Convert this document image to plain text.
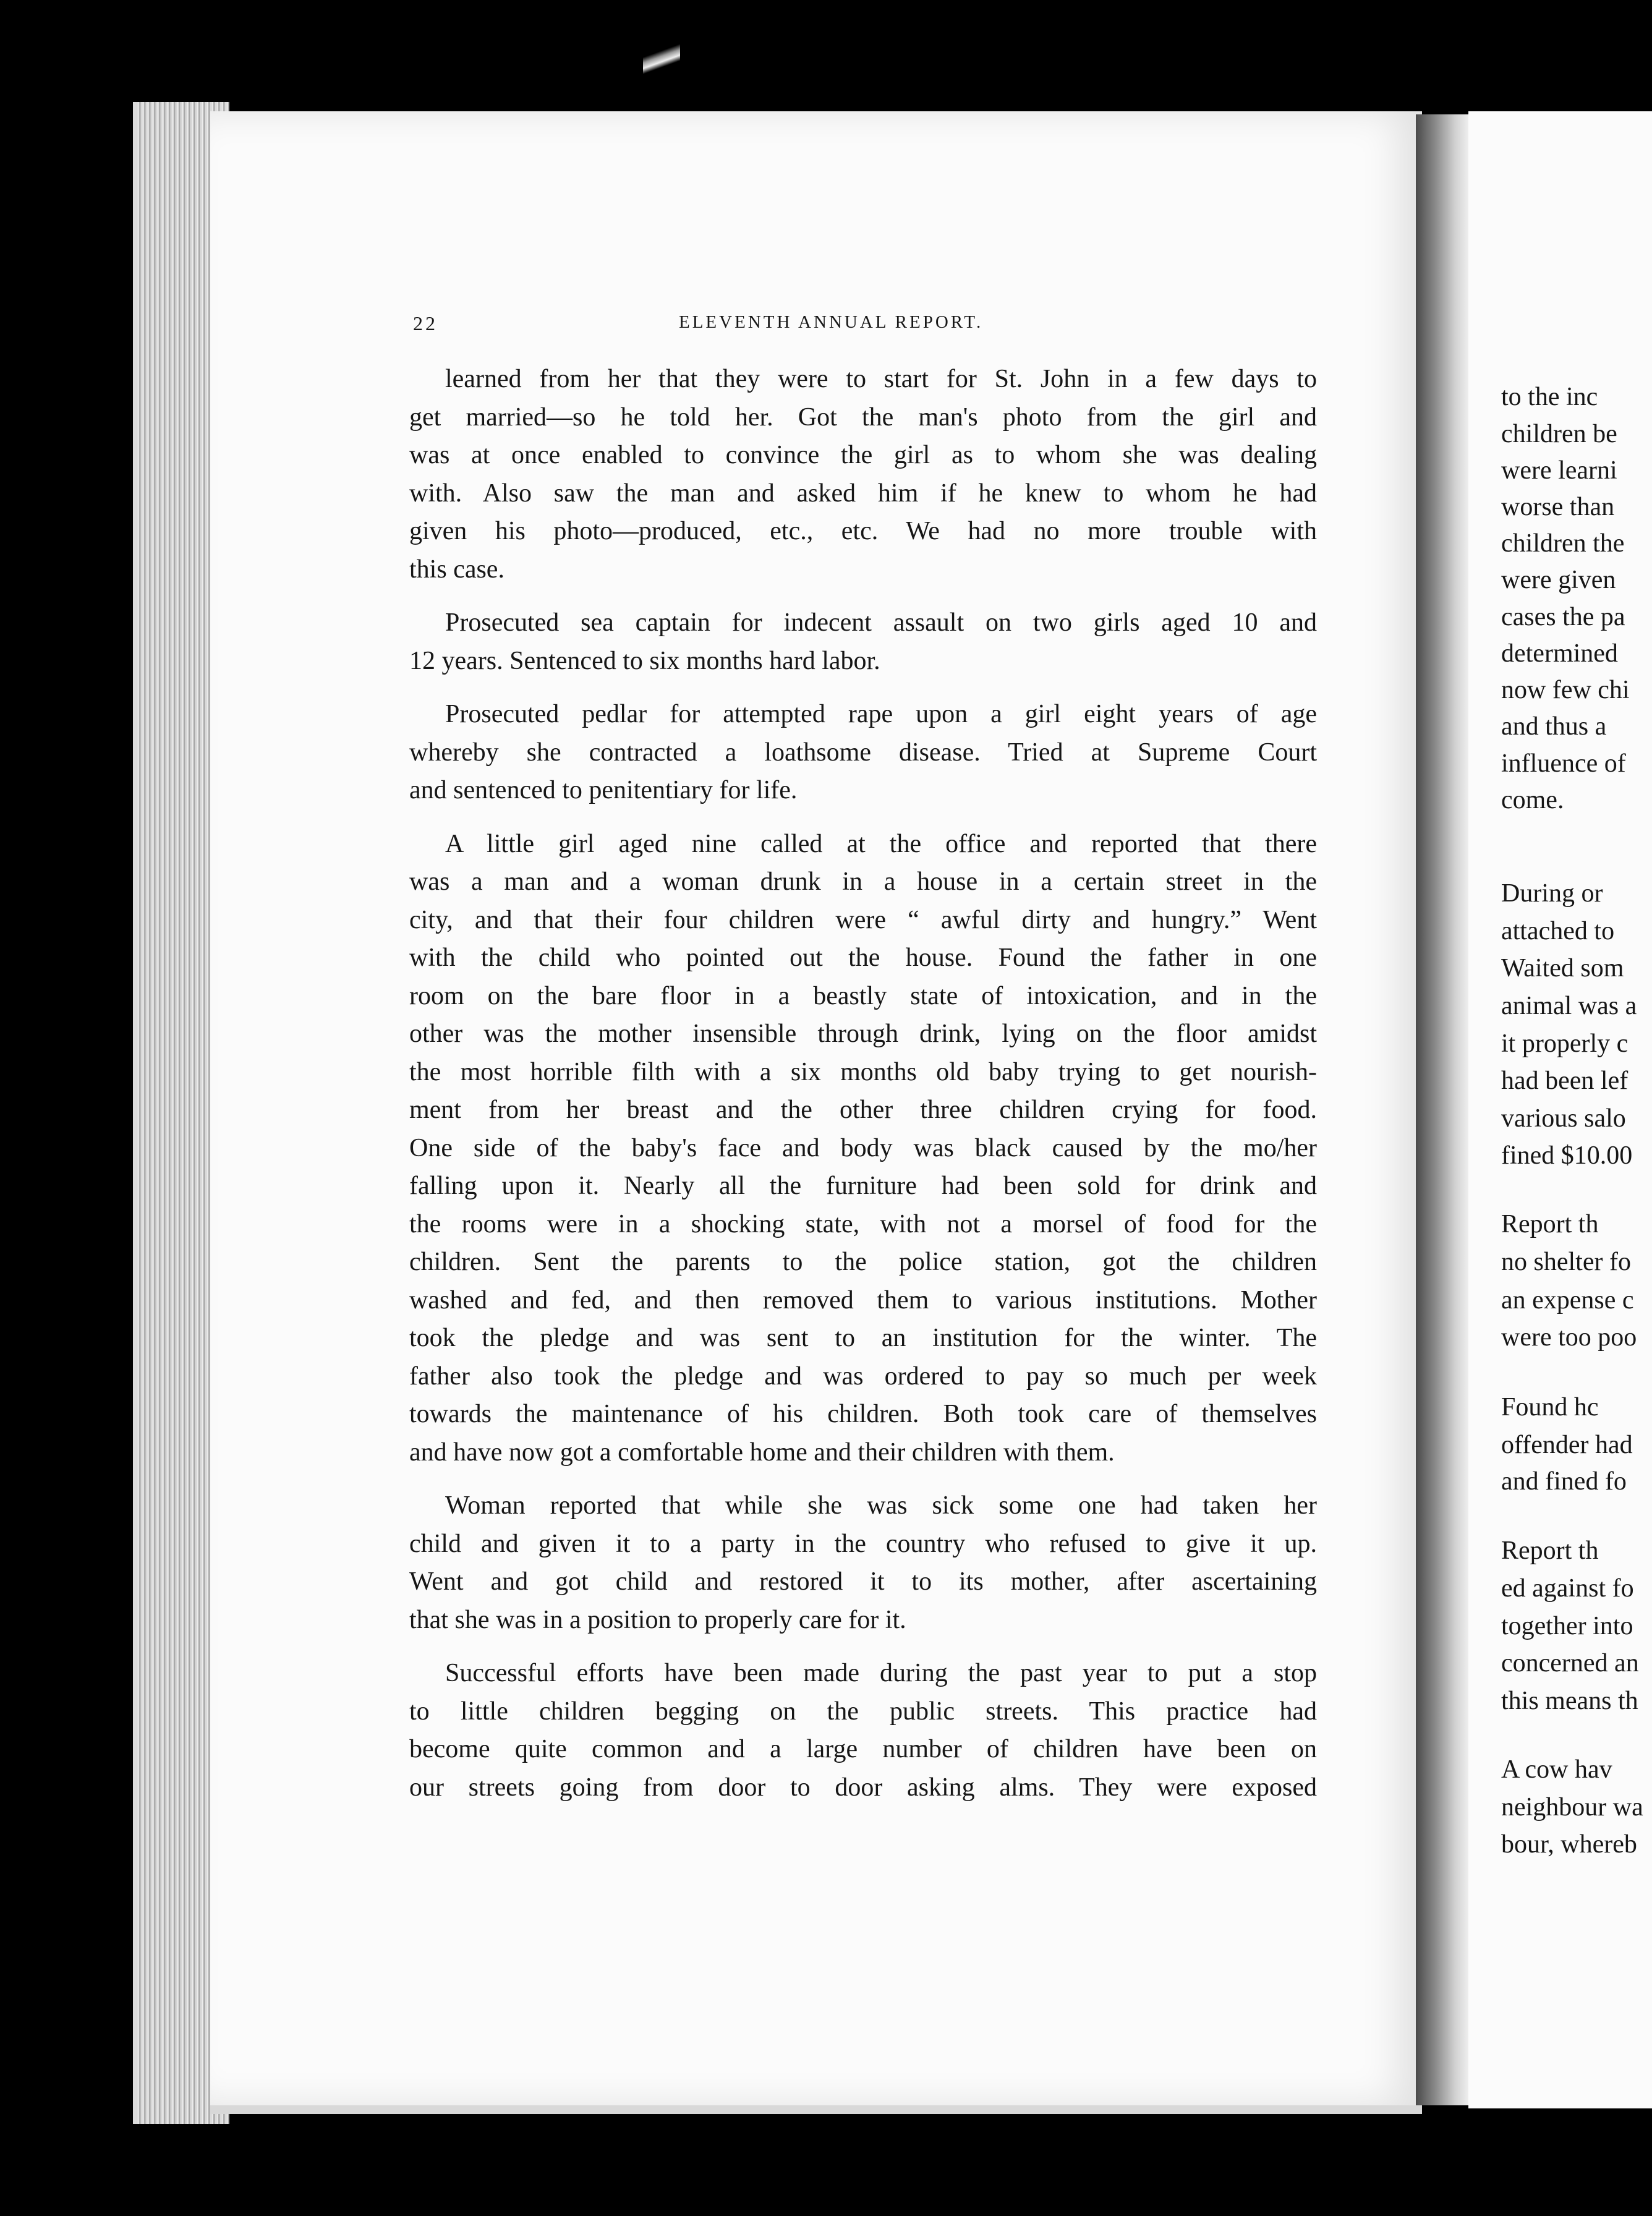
22	ELEVENTH ANNUAL REPORT.
learned from her that they were to start for St. John in a few days to
get married—so he told her. Got the man's photo from the girl and
was at once enabled to convince the girl as to whom she was dealing
with. Also saw the man and asked him if he knew to whom he had
given his photo—produced, etc., etc. We had no more trouble with
this case.
Prosecuted sea captain for indecent assault on two girls aged 10 and
12 years. Sentenced to six months hard labor.
Prosecuted pedlar for attempted rape upon a girl eight years of age
whereby she contracted a loathsome disease. Tried at Supreme Court
and sentenced to penitentiary for life.
A little girl aged nine called at the office and reported that there
was a man and a woman drunk in a house in a certain street in the
city, and that their four children were “ awful dirty and hungry.” Went
with the child who pointed out the house. Found the father in one
room on the bare floor in a beastly state of intoxication, and in the
other was the mother insensible through drink, lying on the floor amidst
the most horrible filth with a six months old baby trying to get nourish-
ment from her breast and the other three children crying for food.
One side of the baby's face and body was black caused by the mo/her
falling upon it. Nearly all the furniture had been sold for drink and
the rooms were in a shocking state, with not a morsel of food for the
children. Sent the parents to the police station, got the children
washed and fed, and then removed them to various institutions. Mother
took the pledge and was sent to an institution for the winter. The
father also took the pledge and was ordered to pay so much per week
towards the maintenance of his children. Both took care of themselves
and have now got a comfortable home and their children with them.
Woman reported that while she was sick some one had taken her
child and given it to a party in the country who refused to give it up.
Went and got child and restored it to its mother, after ascertaining
that she was in a position to properly care for it.
Successful efforts have been made during the past year to put a stop
to little children begging on the public streets. This practice had
become quite common and a large number of children have been on
our streets going from door to door asking alms. They were exposed
to the inc
children be
were learni
worse than
children the
were given
cases the pa
determined
now few chi
and thus a
influence of
come.
During or
attached to
Waited som
animal was a
it properly c
had been lef
various salo
fined $10.00
Report th
no shelter fo
an expense c
were too poo
Found hc
offender had
and fined fo
Report th
ed against fo
together into
concerned an
this means th
A cow hav
neighbour wa
bour, whereb
